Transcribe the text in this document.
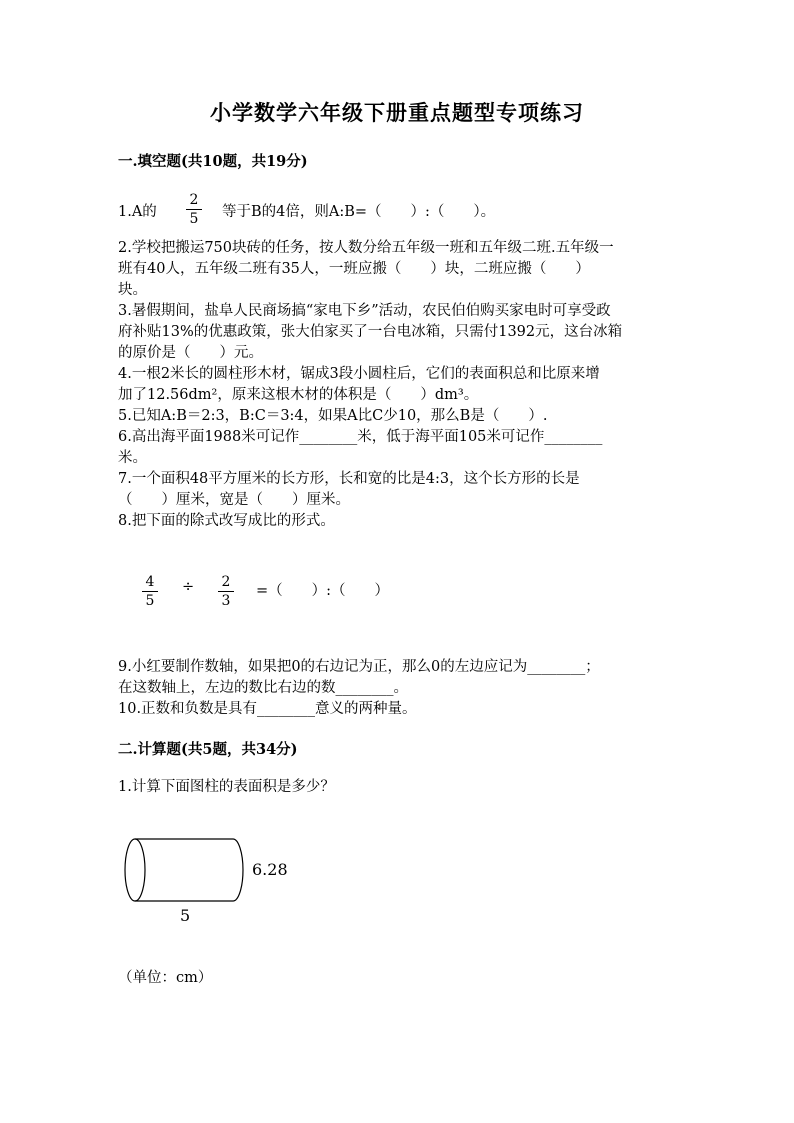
小学数学六年级下册重点题型专项练习
一.填空题(共10题，共19分)
1.A的
2
5 等于B的4倍，则A:B=（　　）:（　　）。
2.学校把搬运750块砖的任务，按人数分给五年级一班和五年级二班.五年级一
班有40人，五年级二班有35人，一班应搬（　　）块，二班应搬（　　）
块。
3.暑假期间，盐阜人民商场搞“家电下乡”活动，农民伯伯购买家电时可享受政
府补贴13%的优惠政策，张大伯家买了一台电冰箱，只需付1392元，这台冰箱
的原价是（　　）元。
4.一根2米长的圆柱形木材，锯成3段小圆柱后，它们的表面积总和比原来增
加了12.56dm²，原来这根木材的体积是（　　）dm³。
5.已知A:B＝2:3，B:C＝3:4，如果A比C少10，那么B是（　　）.
6.高出海平面1988米可记作________米，低于海平面105米可记作________
米。
7.一个面积48平方厘米的长方形，长和宽的比是4:3，这个长方形的长是
（　　）厘米，宽是（　　）厘米。
8.把下面的除式改写成比的形式。
4
5
÷ 2
3
=（　　）:（　　）
9.小红要制作数轴，如果把0的右边记为正，那么0的左边应记为________；
在这数轴上，左边的数比右边的数________。
10.正数和负数是具有________意义的两种量。
二.计算题(共5题，共34分)
1.计算下面图柱的表面积是多少？
6.28
5
（单位：cm）
